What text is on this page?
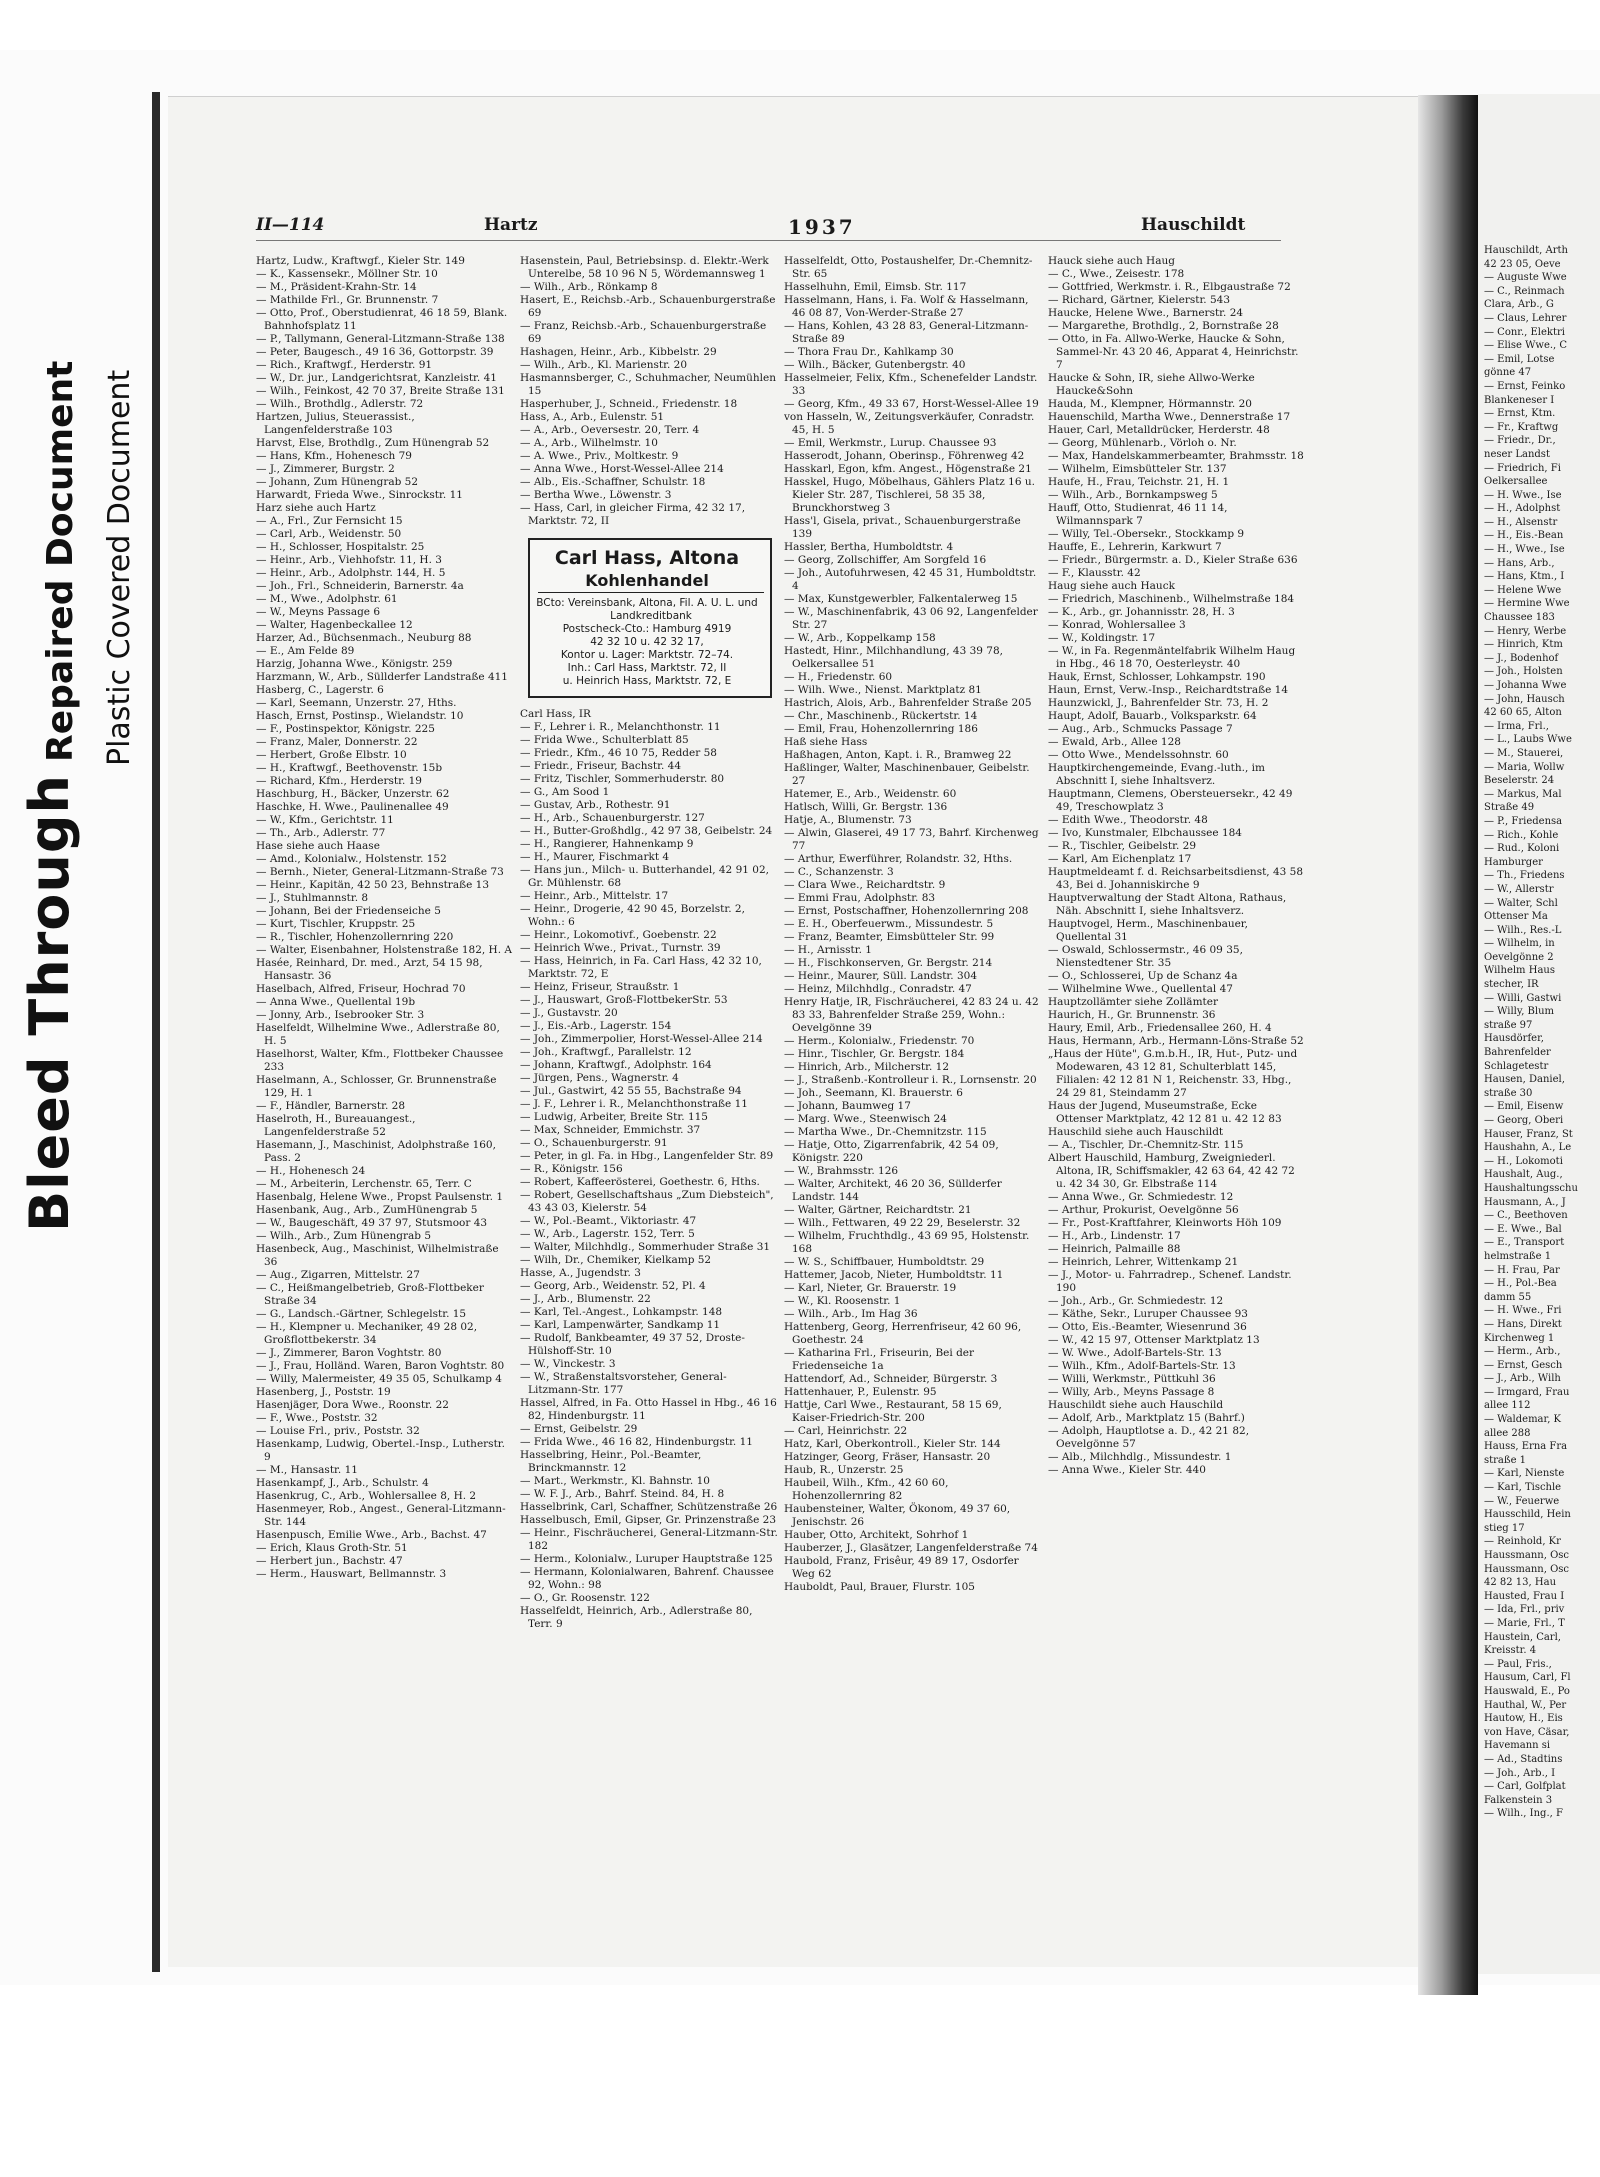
Bleed Through
Repaired Document Plastic Covered Document
II—114	Hartz	1937	Hauschildt
Hartz, Ludw., Kraftwgf., Kieler Str. 149
— K., Kassensekr., Möllner Str. 10
— M., Präsident-Krahn-Str. 14
— Mathilde Frl., Gr. Brunnenstr. 7
— Otto, Prof., Oberstudienrat, 46 18 59, Blank. Bahnhofsplatz 11
— P., Tallymann, General-Litzmann-Straße 138
— Peter, Baugesch., 49 16 36, Gottorpstr. 39
— Rich., Kraftwgf., Herderstr. 91
— W., Dr. jur., Landgerichtsrat, Kanzleistr. 41
— Wilh., Feinkost, 42 70 37, Breite Straße 131
— Wilh., Brothdlg., Adlerstr. 72
Hartzen, Julius, Steuerassist., Langenfelderstraße 103
Harvst, Else, Brothdlg., Zum Hünengrab 52
— Hans, Kfm., Hohenesch 79
— J., Zimmerer, Burgstr. 2
— Johann, Zum Hünengrab 52
Harwardt, Frieda Wwe., Sinrockstr. 11
Harz siehe auch Hartz
— A., Frl., Zur Fernsicht 15
— Carl, Arb., Weidenstr. 50
— H., Schlosser, Hospitalstr. 25
— Heinr., Arb., Viehhofstr. 11, H. 3
— Heinr., Arb., Adolphstr. 144, H. 5
— Joh., Frl., Schneiderin, Barnerstr. 4a
— M., Wwe., Adolphstr. 61
— W., Meyns Passage 6
— Walter, Hagenbeckallee 12
Harzer, Ad., Büchsenmach., Neuburg 88
— E., Am Felde 89
Harzig, Johanna Wwe., Königstr. 259
Harzmann, W., Arb., Süllderfer Landstraße 411
Hasberg, C., Lagerstr. 6
— Karl, Seemann, Unzerstr. 27, Hths.
Hasch, Ernst, Postinsp., Wielandstr. 10
— F., Postinspektor, Königstr. 225
— Franz, Maler, Donnerstr. 22
— Herbert, Große Elbstr. 10
— H., Kraftwgf., Beethovenstr. 15b
— Richard, Kfm., Herderstr. 19
Haschburg, H., Bäcker, Unzerstr. 62
Haschke, H. Wwe., Paulinenallee 49
— W., Kfm., Gerichtstr. 11
— Th., Arb., Adlerstr. 77
Hase siehe auch Haase
— Amd., Kolonialw., Holstenstr. 152
— Bernh., Nieter, General-Litzmann-Straße 73
— Heinr., Kapitän, 42 50 23, Behnstraße 13
— J., Stuhlmannstr. 8
— Johann, Bei der Friedenseiche 5
— Kurt, Tischler, Kruppstr. 25
— R., Tischler, Hohenzollernring 220
— Walter, Eisenbahner, Holstenstraße 182, H. A
Hasée, Reinhard, Dr. med., Arzt, 54 15 98, Hansastr. 36
Haselbach, Alfred, Friseur, Hochrad 70
— Anna Wwe., Quellental 19b
— Jonny, Arb., Isebrooker Str. 3
Haselfeldt, Wilhelmine Wwe., Adlerstraße 80, H. 5
Haselhorst, Walter, Kfm., Flottbeker Chaussee 233
Haselmann, A., Schlosser, Gr. Brunnenstraße 129, H. 1
— F., Händler, Barnerstr. 28
Haselroth, H., Bureauangest., Langenfelderstraße 52
Hasemann, J., Maschinist, Adolphstraße 160, Pass. 2
— H., Hohenesch 24
— M., Arbeiterin, Lerchenstr. 65, Terr. C
Hasenbalg, Helene Wwe., Propst Paulsenstr. 1
Hasenbank, Aug., Arb., ZumHünengrab 5
— W., Baugeschäft, 49 37 97, Stutsmoor 43
— Wilh., Arb., Zum Hünengrab 5
Hasenbeck, Aug., Maschinist, Wilhelmistraße 36
— Aug., Zigarren, Mittelstr. 27
— C., Heißmangelbetrieb, Groß-Flottbeker Straße 34
— G., Landsch.-Gärtner, Schlegelstr. 15
— H., Klempner u. Mechaniker, 49 28 02, Großflottbekerstr. 34
— J., Zimmerer, Baron Voghtstr. 80
— J., Frau, Holländ. Waren, Baron Voghtstr. 80
— Willy, Malermeister, 49 35 05, Schulkamp 4
Hasenberg, J., Poststr. 19
Hasenjäger, Dora Wwe., Roonstr. 22
— F., Wwe., Poststr. 32
— Louise Frl., priv., Poststr. 32
Hasenkamp, Ludwig, Obertel.-Insp., Lutherstr. 9
— M., Hansastr. 11
Hasenkampf, J., Arb., Schulstr. 4
Hasenkrug, C., Arb., Wohlersallee 8, H. 2
Hasenmeyer, Rob., Angest., General-Litzmann-Str. 144
Hasenpusch, Emilie Wwe., Arb., Bachst. 47
— Erich, Klaus Groth-Str. 51
— Herbert jun., Bachstr. 47
— Herm., Hauswart, Bellmannstr. 3
Hasenstein, Paul, Betriebsinsp. d. Elektr.-Werk Unterelbe, 58 10 96 N 5, Wördemannsweg 1
— Wilh., Arb., Rönkamp 8
Hasert, E., Reichsb.-Arb., Schauenburgerstraße 69
— Franz, Reichsb.-Arb., Schauenburgerstraße 69
Hashagen, Heinr., Arb., Kibbelstr. 29
— Wilh., Arb., Kl. Marienstr. 20
Hasmannsberger, C., Schuhmacher, Neumühlen 15
Hasperhuber, J., Schneid., Friedenstr. 18
Hass, A., Arb., Eulenstr. 51
— A., Arb., Oeversestr. 20, Terr. 4
— A., Arb., Wilhelmstr. 10
— A. Wwe., Priv., Moltkestr. 9
— Anna Wwe., Horst-Wessel-Allee 214
— Alb., Eis.-Schaffner, Schulstr. 18
— Bertha Wwe., Löwenstr. 3
— Hass, Carl, in gleicher Firma, 42 32 17, Marktstr. 72, II
Carl Hass, Altona
Kohlenhandel
BCto: Vereinsbank, Altona, Fil. A. U. L. und Landkreditbank
Postscheck-Cto.: Hamburg 4919
42 32 10 u. 42 32 17,
Kontor u. Lager: Marktstr. 72–74.
Inh.: Carl Hass, Marktstr. 72, II
u. Heinrich Hass, Marktstr. 72, E
Carl Hass, IR
— F., Lehrer i. R., Melanchthonstr. 11
— Frida Wwe., Schulterblatt 85
— Friedr., Kfm., 46 10 75, Redder 58
— Friedr., Friseur, Bachstr. 44
— Fritz, Tischler, Sommerhuderstr. 80
— G., Am Sood 1
— Gustav, Arb., Rothestr. 91
— H., Arb., Schauenburgerstr. 127
— H., Butter-Großhdlg., 42 97 38, Geibelstr. 24
— H., Rangierer, Hahnenkamp 9
— H., Maurer, Fischmarkt 4
— Hans jun., Milch- u. Butterhandel, 42 91 02, Gr. Mühlenstr. 68
— Heinr., Arb., Mittelstr. 17
— Heinr., Drogerie, 42 90 45, Borzelstr. 2, Wohn.: 6
— Heinr., Lokomotivf., Goebenstr. 22
— Heinrich Wwe., Privat., Turnstr. 39
— Hass, Heinrich, in Fa. Carl Hass, 42 32 10, Marktstr. 72, E
— Heinz, Friseur, Straußstr. 1
— J., Hauswart, Groß-FlottbekerStr. 53
— J., Gustavstr. 20
— J., Eis.-Arb., Lagerstr. 154
— Joh., Zimmerpolier, Horst-Wessel-Allee 214
— Joh., Kraftwgf., Parallelstr. 12
— Johann, Kraftwgf., Adolphstr. 164
— Jürgen, Pens., Wagnerstr. 4
— Jul., Gastwirt, 42 55 55, Bachstraße 94
— J. F., Lehrer i. R., Melanchthonstraße 11
— Ludwig, Arbeiter, Breite Str. 115
— Max, Schneider, Emmichstr. 37
— O., Schauenburgerstr. 91
— Peter, in gl. Fa. in Hbg., Langenfelder Str. 89
— R., Königstr. 156
— Robert, Kaffeerösterei, Goethestr. 6, Hths.
— Robert, Gesellschaftshaus „Zum Diebsteich", 43 43 03, Kielerstr. 54
— W., Pol.-Beamt., Viktoriastr. 47
— W., Arb., Lagerstr. 152, Terr. 5
— Walter, Milchhdlg., Sommerhuder Straße 31
— Wilh, Dr., Chemiker, Kielkamp 52
Hasse, A., Jugendstr. 3
— Georg, Arb., Weidenstr. 52, Pl. 4
— J., Arb., Blumenstr. 22
— Karl, Tel.-Angest., Lohkampstr. 148
— Karl, Lampenwärter, Sandkamp 11
— Rudolf, Bankbeamter, 49 37 52, Droste-Hülshoff-Str. 10
— W., Vinckestr. 3
— W., Straßenstaltsvorsteher, General-Litzmann-Str. 177
Hassel, Alfred, in Fa. Otto Hassel in Hbg., 46 16 82, Hindenburgstr. 11
— Ernst, Geibelstr. 29
— Frida Wwe., 46 16 82, Hindenburgstr. 11
Hasselbring, Heinr., Pol.-Beamter, Brinckmannstr. 12
— Mart., Werkmstr., Kl. Bahnstr. 10
— W. F. J., Arb., Bahrf. Steind. 84, H. 8
Hasselbrink, Carl, Schaffner, Schützenstraße 26
Hasselbusch, Emil, Gipser, Gr. Prinzenstraße 23
— Heinr., Fischräucherei, General-Litzmann-Str. 182
— Herm., Kolonialw., Luruper Hauptstraße 125
— Hermann, Kolonialwaren, Bahrenf. Chaussee 92, Wohn.: 98
— O., Gr. Roosenstr. 122
Hasselfeldt, Heinrich, Arb., Adlerstraße 80, Terr. 9
Hasselfeldt, Otto, Postaushelfer, Dr.-Chemnitz-Str. 65
Hasselhuhn, Emil, Eimsb. Str. 117
Hasselmann, Hans, i. Fa. Wolf & Hasselmann, 46 08 87, Von-Werder-Straße 27
— Hans, Kohlen, 43 28 83, General-Litzmann-Straße 89
— Thora Frau Dr., Kahlkamp 30
— Wilh., Bäcker, Gutenbergstr. 40
Hasselmeier, Felix, Kfm., Schenefelder Landstr. 33
— Georg, Kfm., 49 33 67, Horst-Wessel-Allee 19
von Hasseln, W., Zeitungsverkäufer, Conradstr. 45, H. 5
— Emil, Werkmstr., Lurup. Chaussee 93
Hasserodt, Johann, Oberinsp., Föhrenweg 42
Hasskarl, Egon, kfm. Angest., Högenstraße 21
Hasskel, Hugo, Möbelhaus, Gählers Platz 16 u. Kieler Str. 287, Tischlerei, 58 35 38, Brunckhorstweg 3
Hass'l, Gisela, privat., Schauenburgerstraße 139
Hassler, Bertha, Humboldtstr. 4
— Georg, Zollschiffer, Am Sorgfeld 16
— Joh., Autofuhrwesen, 42 45 31, Humboldtstr. 4
— Max, Kunstgewerbler, Falkentalerweg 15
— W., Maschinenfabrik, 43 06 92, Langenfelder Str. 27
— W., Arb., Koppelkamp 158
Hastedt, Hinr., Milchhandlung, 43 39 78, Oelkersallee 51
— H., Friedenstr. 60
— Wilh. Wwe., Nienst. Marktplatz 81
Hastrich, Alois, Arb., Bahrenfelder Straße 205
— Chr., Maschinenb., Rückertstr. 14
— Emil, Frau, Hohenzollernring 186
Haß siehe Hass
Haßhagen, Anton, Kapt. i. R., Bramweg 22
Haßlinger, Walter, Maschinenbauer, Geibelstr. 27
Hatemer, E., Arb., Weidenstr. 60
Hatlsch, Willi, Gr. Bergstr. 136
Hatje, A., Blumenstr. 73
— Alwin, Glaserei, 49 17 73, Bahrf. Kirchenweg 77
— Arthur, Ewerführer, Rolandstr. 32, Hths.
— C., Schanzenstr. 3
— Clara Wwe., Reichardtstr. 9
— Emmi Frau, Adolphstr. 83
— Ernst, Postschaffner, Hohenzollernring 208
— E. H., Oberfeuerwm., Missundestr. 5
— Franz, Beamter, Eimsbütteler Str. 99
— H., Arnisstr. 1
— H., Fischkonserven, Gr. Bergstr. 214
— Heinr., Maurer, Süll. Landstr. 304
— Heinz, Milchhdlg., Conradstr. 47
Henry Hatje, IR, Fischräucherei, 42 83 24 u. 42 83 33, Bahrenfelder Straße 259, Wohn.: Oevelgönne 39
— Herm., Kolonialw., Friedenstr. 70
— Hinr., Tischler, Gr. Bergstr. 184
— Hinrich, Arb., Milcherstr. 12
— J., Straßenb.-Kontrolleur i. R., Lornsenstr. 20
— Joh., Seemann, Kl. Brauerstr. 6
— Johann, Baumweg 17
— Marg. Wwe., Steenwisch 24
— Martha Wwe., Dr.-Chemnitzstr. 115
— Hatje, Otto, Zigarrenfabrik, 42 54 09, Königstr. 220
— W., Brahmsstr. 126
— Walter, Architekt, 46 20 36, Süllderfer Landstr. 144
— Walter, Gärtner, Reichardtstr. 21
— Wilh., Fettwaren, 49 22 29, Beselerstr. 32
— Wilhelm, Fruchthdlg., 43 69 95, Holstenstr. 168
— W. S., Schiffbauer, Humboldtstr. 29
Hattemer, Jacob, Nieter, Humboldtstr. 11
— Karl, Nieter, Gr. Brauerstr. 19
— W., Kl. Roosenstr. 1
— Wilh., Arb., Im Hag 36
Hattenberg, Georg, Herrenfriseur, 42 60 96, Goethestr. 24
— Katharina Frl., Friseurin, Bei der Friedenseiche 1a
Hattendorf, Ad., Schneider, Bürgerstr. 3
Hattenhauer, P., Eulenstr. 95
Hattje, Carl Wwe., Restaurant, 58 15 69, Kaiser-Friedrich-Str. 200
— Carl, Heinrichstr. 22
Hatz, Karl, Oberkontroll., Kieler Str. 144
Hatzinger, Georg, Fräser, Hansastr. 20
Haub, R., Unzerstr. 25
Haubeil, Wilh., Kfm., 42 60 60, Hohenzollernring 82
Haubensteiner, Walter, Ökonom, 49 37 60, Jenischstr. 26
Hauber, Otto, Architekt, Sohrhof 1
Hauberzer, J., Glasätzer, Langenfelderstraße 74
Haubold, Franz, Frisêur, 49 89 17, Osdorfer Weg 62
Hauboldt, Paul, Brauer, Flurstr. 105
Hauck siehe auch Haug
— C., Wwe., Zeisestr. 178
— Gottfried, Werkmstr. i. R., Elbgaustraße 72
— Richard, Gärtner, Kielerstr. 543
Haucke, Helene Wwe., Barnerstr. 24
— Margarethe, Brothdlg., 2, Bornstraße 28
— Otto, in Fa. Allwo-Werke, Haucke & Sohn, Sammel-Nr. 43 20 46, Apparat 4, Heinrichstr. 7
Haucke & Sohn, IR, siehe Allwo-Werke Haucke&Sohn
Hauda, M., Klempner, Hörmannstr. 20
Hauenschild, Martha Wwe., Dennerstraße 17
Hauer, Carl, Metalldrücker, Herderstr. 48
— Georg, Mühlenarb., Vörloh o. Nr.
— Max, Handelskammerbeamter, Brahmsstr. 18
— Wilhelm, Eimsbütteler Str. 137
Haufe, H., Frau, Teichstr. 21, H. 1
— Wilh., Arb., Bornkampsweg 5
Hauff, Otto, Studienrat, 46 11 14, Wilmannspark 7
— Willy, Tel.-Obersekr., Stockkamp 9
Hauffe, E., Lehrerin, Karkwurt 7
— Friedr., Bürgermstr. a. D., Kieler Straße 636
— F., Klausstr. 42
Haug siehe auch Hauck
— Friedrich, Maschinenb., Wilhelmstraße 184
— K., Arb., gr. Johannisstr. 28, H. 3
— Konrad, Wohlersallee 3
— W., Koldingstr. 17
— W., in Fa. Regenmäntelfabrik Wilhelm Haug in Hbg., 46 18 70, Oesterleystr. 40
Hauk, Ernst, Schlosser, Lohkampstr. 190
Haun, Ernst, Verw.-Insp., Reichardtstraße 14
Haunzwickl, J., Bahrenfelder Str. 73, H. 2
Haupt, Adolf, Bauarb., Volksparkstr. 64
— Aug., Arb., Schmucks Passage 7
— Ewald, Arb., Allee 128
— Otto Wwe., Mendelssohnstr. 60
Hauptkirchengemeinde, Evang.-luth., im Abschnitt I, siehe Inhaltsverz.
Hauptmann, Clemens, Obersteuersekr., 42 49 49, Treschowplatz 3
— Edith Wwe., Theodorstr. 48
— Ivo, Kunstmaler, Elbchaussee 184
— R., Tischler, Geibelstr. 29
— Karl, Am Eichenplatz 17
Hauptmeldeamt f. d. Reichsarbeitsdienst, 43 58 43, Bei d. Johanniskirche 9
Hauptverwaltung der Stadt Altona, Rathaus, Näh. Abschnitt I, siehe Inhaltsverz.
Hauptvogel, Herm., Maschinenbauer, Quellental 31
— Oswald, Schlossermstr., 46 09 35, Nienstedtener Str. 35
— O., Schlosserei, Up de Schanz 4a
— Wilhelmine Wwe., Quellental 47
Hauptzollämter siehe Zollämter
Haurich, H., Gr. Brunnenstr. 36
Haury, Emil, Arb., Friedensallee 260, H. 4
Haus, Hermann, Arb., Hermann-Löns-Straße 52
„Haus der Hüte", G.m.b.H., IR, Hut-, Putz- und Modewaren, 43 12 81, Schulterblatt 145, Filialen: 42 12 81 N 1, Reichenstr. 33, Hbg., 24 29 81, Steindamm 27
Haus der Jugend, Museumstraße, Ecke Ottenser Marktplatz, 42 12 81 u. 42 12 83
Hauschild siehe auch Hauschildt
— A., Tischler, Dr.-Chemnitz-Str. 115
Albert Hauschild, Hamburg, Zweigniederl. Altona, IR, Schiffsmakler, 42 63 64, 42 42 72 u. 42 34 30, Gr. Elbstraße 114
— Anna Wwe., Gr. Schmiedestr. 12
— Arthur, Prokurist, Oevelgönne 56
— Fr., Post-Kraftfahrer, Kleinworts Höh 109
— H., Arb., Lindenstr. 17
— Heinrich, Palmaille 88
— Heinrich, Lehrer, Wittenkamp 21
— J., Motor- u. Fahrradrep., Schenef. Landstr. 190
— Joh., Arb., Gr. Schmiedestr. 12
— Käthe, Sekr., Luruper Chaussee 93
— Otto, Eis.-Beamter, Wiesenrund 36
— W., 42 15 97, Ottenser Marktplatz 13
— W. Wwe., Adolf-Bartels-Str. 13
— Wilh., Kfm., Adolf-Bartels-Str. 13
— Willi, Werkmstr., Püttkuhl 36
— Willy, Arb., Meyns Passage 8
Hauschildt siehe auch Hauschild
— Adolf, Arb., Marktplatz 15 (Bahrf.)
— Adolph, Hauptlotse a. D., 42 21 82, Oevelgönne 57
— Alb., Milchhdlg., Missundestr. 1
— Anna Wwe., Kieler Str. 440
Hauschildt, Arth
42 23 05, Oeve
— Auguste Wwe
— C., Reinmach
Clara, Arb., G
— Claus, Lehrer
— Conr., Elektri
— Elise Wwe., C
— Emil, Lotse
gönne 47
— Ernst, Feinko
Blankeneser I
— Ernst, Ktm.
— Fr., Kraftwg
— Friedr., Dr.,
neser Landst
— Friedrich, Fi
Oelkersallee
— H. Wwe., Ise
— H., Adolphst
— H., Alsenstr
— H., Eis.-Bean
— H., Wwe., Ise
— Hans, Arb.,
— Hans, Ktm., I
— Helene Wwe
— Hermine Wwe
Chaussee 183
— Henry, Werbe
— Hinrich, Ktm
— J., Bodenhof
— Joh., Holsten
— Johanna Wwe
— John, Hausch
42 60 65, Alton
— Irma, Frl.,
— L., Laubs Wwe
— M., Stauerei,
— Maria, Wollw
Beselerstr. 24
— Markus, Mal
Straße 49
— P., Friedensa
— Rich., Kohle
— Rud., Koloni
Hamburger
— Th., Friedens
— W., Allerstr
— Walter, Schl
Ottenser Ma
— Wilh., Res.-L
— Wilhelm, in
Oevelgönne 2
Wilhelm Haus
stecher, IR
— Willi, Gastwi
— Willy, Blum
straße 97
Hausdörfer,
Bahrenfelder
Schlagetestr
Hausen, Daniel,
straße 30
— Emil, Eisenw
— Georg, Oberi
Hauser, Franz, St
Haushahn, A., Le
— H., Lokomoti
Haushalt, Aug.,
Haushaltungsschu
Hausmann, A., J
— C., Beethoven
— E. Wwe., Bal
— E., Transport
helmstraße 1
— H. Frau, Par
— H., Pol.-Bea
damm 55
— H. Wwe., Fri
— Hans, Direkt
Kirchenweg 1
— Herm., Arb.,
— Ernst, Gesch
— J., Arb., Wilh
— Irmgard, Frau
allee 112
— Waldemar, K
allee 288
Hauss, Erna Fra
straße 1
— Karl, Nienste
— Karl, Tischle
— W., Feuerwe
Hausschild, Hein
stieg 17
— Reinhold, Kr
Haussmann, Osc
Haussmann, Osc
42 82 13, Hau
Hausted, Frau I
— Ida, Frl., priv
— Marie, Frl., T
Haustein, Carl,
Kreisstr. 4
— Paul, Fris.,
Hausum, Carl, Fl
Hauswald, E., Po
Hauthal, W., Per
Hautow, H., Eis
von Have, Cäsar,
Havemann si
— Ad., Stadtins
— Joh., Arb., I
— Carl, Golfplat
Falkenstein 3
— Wilh., Ing., F
